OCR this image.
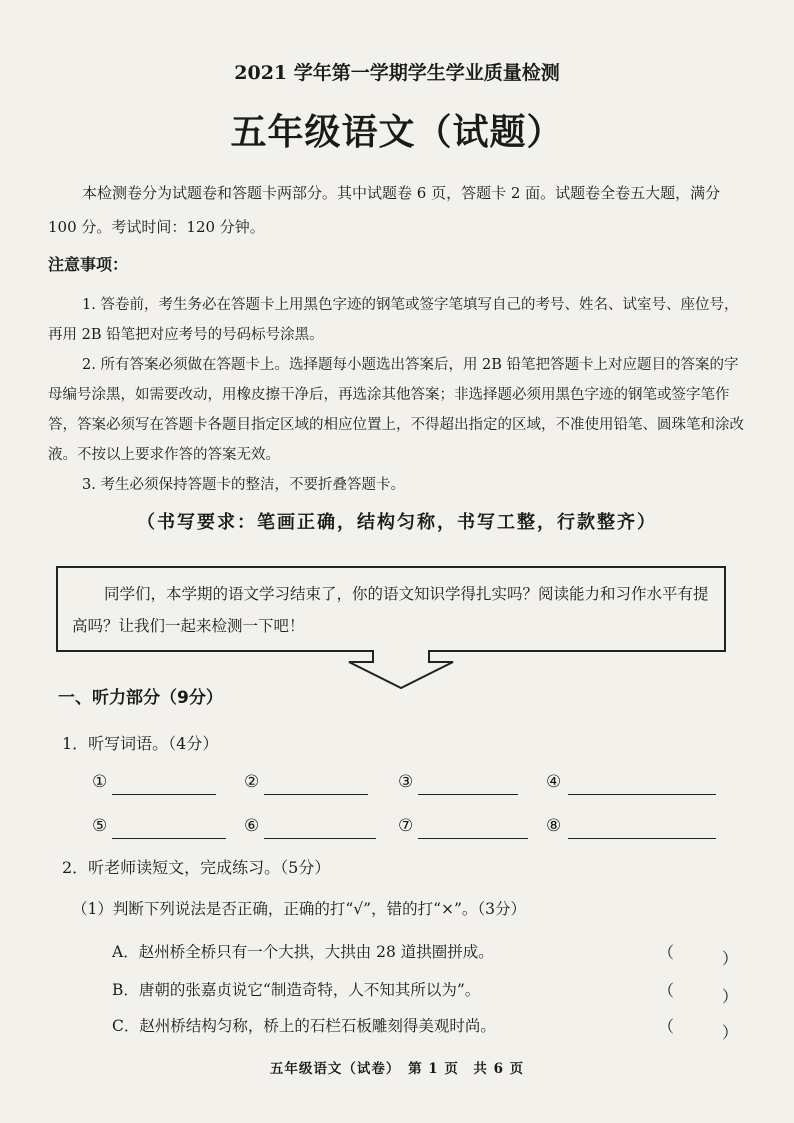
2021 学年第一学期学生学业质量检测
五年级语文（试题）
本检测卷分为试题卷和答题卡两部分。其中试题卷 6 页，答题卡 2 面。试题卷全卷五大题，满分 100 分。考试时间：120 分钟。
注意事项：

1. 答卷前，考生务必在答题卡上用黑色字迹的钢笔或签字笔填写自己的考号、姓名、试室号、座位号，再用 2B 铅笔把对应考号的号码标号涂黑。

2. 所有答案必须做在答题卡上。选择题每小题选出答案后，用 2B 铅笔把答题卡上对应题目的答案的字母编号涂黑，如需要改动，用橡皮擦干净后，再选涂其他答案；非选择题必须用黑色字迹的钢笔或签字笔作答，答案必须写在答题卡各题目指定区域的相应位置上，不得超出指定的区域，不准使用铅笔、圆珠笔和涂改液。不按以上要求作答的答案无效。

3. 考生必须保持答题卡的整洁，不要折叠答题卡。

（书写要求：笔画正确，结构匀称，书写工整，行款整齐）
同学们，本学期的语文学习结束了，你的语文知识学得扎实吗？阅读能力和习作水平有提高吗？让我们一起来检测一下吧！
一、听力部分（9分）
1．听写词语。（4分）
①	②	③	④
⑤	⑥	⑦	⑧
2．听老师读短文，完成练习。（5分）
（1）判断下列说法是否正确，正确的打“√”，错的打“×”。（3分）
A．赵州桥全桥只有一个大拱，大拱由 28 道拱圈拼成。	（	）
B．唐朝的张嘉贞说它“制造奇特，人不知其所以为”。	（	）
C．赵州桥结构匀称，桥上的石栏石板雕刻得美观时尚。	（	）
五年级语文（试卷）　第 1 页　共 6 页
